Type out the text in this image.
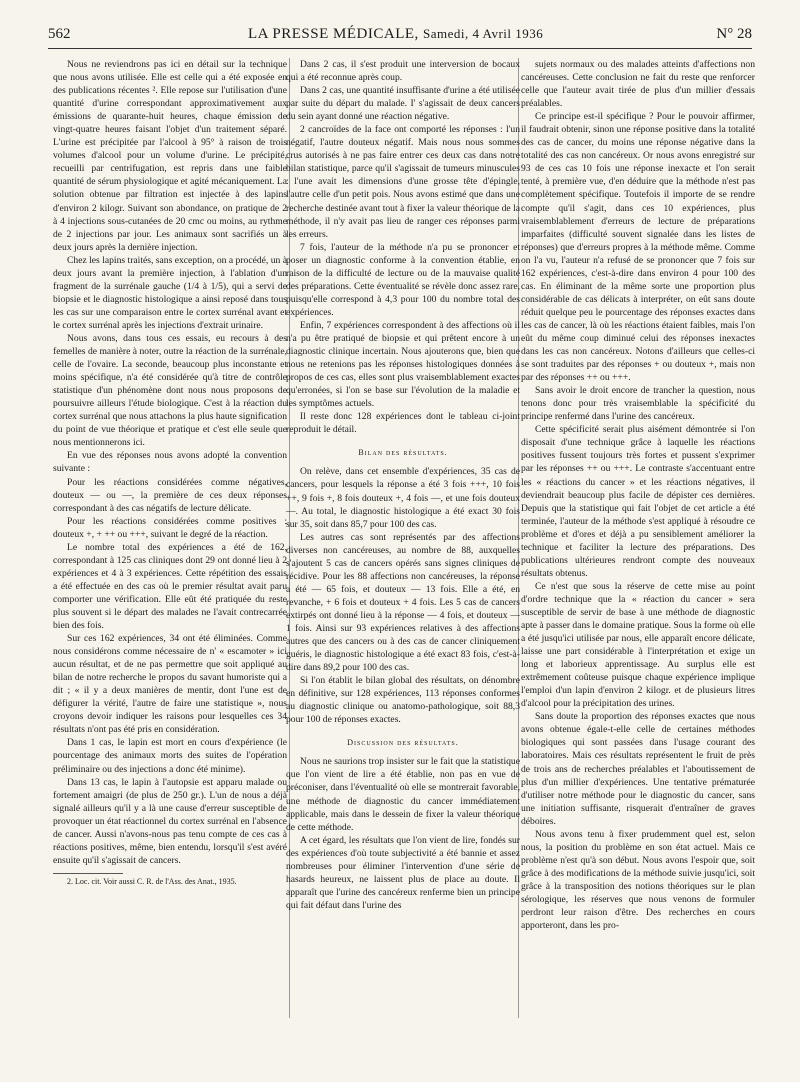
562	LA PRESSE MÉDICALE, Samedi, 4 Avril 1936	N° 28

Nous ne reviendrons pas ici en détail sur la technique que nous avons utilisée. Elle est celle qui a été exposée en des publications récentes ². Elle repose sur l'utilisation d'une quantité d'urine correspondant approximativement aux émissions de quarante-huit heures, chaque émission de vingt-quatre heures faisant l'objet d'un traitement séparé. L'urine est précipitée par l'alcool à 95° à raison de trois volumes d'alcool pour un volume d'urine. Le précipité, recueilli par centrifugation, est repris dans une faible quantité de sérum physiologique et agité mécaniquement. La solution obtenue par filtration est injectée à des lapins d'environ 2 kilogr. Suivant son abondance, on pratique de 2 à 4 injections sous-cutanées de 20 cmc ou moins, au rythme de 2 injections par jour. Les animaux sont sacrifiés un à deux jours après la dernière injection.

Chez les lapins traités, sans exception, on a procédé, un à deux jours avant la première injection, à l'ablation d'un fragment de la surrénale gauche (1/4 à 1/5), qui a servi de biopsie et le diagnostic histologique a ainsi reposé dans tous les cas sur une comparaison entre le cortex surrénal avant et le cortex surrénal après les injections d'extrait urinaire.

Nous avons, dans tous ces essais, eu recours à des femelles de manière à noter, outre la réaction de la surrénale, celle de l'ovaire. La seconde, beaucoup plus inconstante et moins spécifique, n'a été considérée qu'à titre de contrôle statistique d'un phénomène dont nous nous proposons de poursuivre ailleurs l'étude biologique. C'est à la réaction du cortex surrénal que nous attachons la plus haute signification du point de vue théorique et pratique et c'est elle seule que nous mentionnerons ici.

En vue des réponses nous avons adopté la convention suivante :

Pour les réactions considérées comme négatives, douteux — ou —, la première de ces deux réponses correspondant à des cas négatifs de lecture délicate.

Pour les réactions considérées comme positives : douteux +, + ++ ou +++, suivant le degré de la réaction.

Le nombre total des expériences a été de 162, correspondant à 125 cas cliniques dont 29 ont donné lieu à 2 expériences et 4 à 3 expériences. Cette répétition des essais a été effectuée en des cas où le premier résultat avait paru comporter une vérification. Elle eût été pratiquée du reste plus souvent si le départ des malades ne l'avait contrecarrée bien des fois.

Sur ces 162 expériences, 34 ont été éliminées. Comme nous considérons comme nécessaire de n' « escamoter » ici aucun résultat, et de ne pas permettre que soit appliqué au bilan de notre recherche le propos du savant humoriste qui a dit ; « il y a deux manières de mentir, dont l'une est de défigurer la vérité, l'autre de faire une statistique », nous croyons devoir indiquer les raisons pour lesquelles ces 34 résultats n'ont pas été pris en considération.

Dans 1 cas, le lapin est mort en cours d'expérience (le pourcentage des animaux morts des suites de l'opération préliminaire ou des injections a donc été minime).

Dans 13 cas, le lapin à l'autopsie est apparu malade ou fortement amaigri (de plus de 250 gr.). L'un de nous a déjà signalé ailleurs qu'il y a là une cause d'erreur susceptible de provoquer un état réactionnel du cortex surrénal en l'absence de cancer. Aussi n'avons-nous pas tenu compte de ces cas à réactions positives, même, bien entendu, lorsqu'il s'est avéré ensuite qu'il s'agissait de cancers.

2. Loc. cit. Voir aussi C. R. de l'Ass. des Anat., 1935.

Dans 2 cas, il s'est produit une interversion de bocaux qui a été reconnue après coup.

Dans 2 cas, une quantité insuffisante d'urine a été utilisée par suite du départ du malade. I' s'agissait de deux cancers du sein ayant donné une réaction négative.

2 cancroïdes de la face ont comporté les réponses : l'un négatif, l'autre douteux négatif. Mais nous nous sommes crus autorisés à ne pas faire entrer ces deux cas dans notre bilan statistique, parce qu'il s'agissait de tumeurs minuscules : l'une avait les dimensions d'une grosse tête d'épingle, l'autre celle d'un petit pois. Nous avons estimé que dans une recherche destinée avant tout à fixer la valeur théorique de la méthode, il n'y avait pas lieu de ranger ces réponses parmi les erreurs.

7 fois, l'auteur de la méthode n'a pu se prononcer et poser un diagnostic conforme à la convention établie, en raison de la difficulté de lecture ou de la mauvaise qualité des préparations. Cette éventualité se révèle donc assez rare, puisqu'elle correspond à 4,3 pour 100 du nombre total des expériences.

Enfin, 7 expériences correspondent à des affections où il n'a pu être pratiqué de biopsie et qui prêtent encore à un diagnostic clinique incertain. Nous ajouterons que, bien que nous ne retenions pas les réponses histologiques données à propos de ces cas, elles sont plus vraisemblablement exactes qu'erronées, si l'on se base sur l'évolution de la maladie et les symptômes actuels.

Il reste donc 128 expériences dont le tableau ci-joint reproduit le détail.

Bilan des résultats.

On relève, dans cet ensemble d'expériences, 35 cas de cancers, pour lesquels la réponse a été 3 fois +++, 10 fois ++, 9 fois +, 8 fois douteux +, 4 fois —, et une fois douteux —. Au total, le diagnostic histologique a été exact 30 fois sur 35, soit dans 85,7 pour 100 des cas.

Les autres cas sont représentés par des affections diverses non cancéreuses, au nombre de 88, auxquelles s'ajoutent 5 cas de cancers opérés sans signes cliniques de récidive. Pour les 88 affections non cancéreuses, la réponse a été — 65 fois, et douteux — 13 fois. Elle a été, en revanche, + 6 fois et douteux + 4 fois. Les 5 cas de cancers extirpés ont donné lieu à la réponse — 4 fois, et douteux — 1 fois. Ainsi sur 93 expériences relatives à des affections autres que des cancers ou à des cas de cancer cliniquement guéris, le diagnostic histologique a été exact 83 fois, c'est-à-dire dans 89,2 pour 100 des cas.

Si l'on établit le bilan global des résultats, on dénombre en définitive, sur 128 expériences, 113 réponses conformes au diagnostic clinique ou anatomo-pathologique, soit 88,3 pour 100 de réponses exactes.

Discussion des résultats.

Nous ne saurions trop insister sur le fait que la statistique que l'on vient de lire a été établie, non pas en vue de préconiser, dans l'éventualité où elle se montrerait favorable, une méthode de diagnostic du cancer immédiatement applicable, mais dans le dessein de fixer la valeur théorique de cette méthode.

A cet égard, les résultats que l'on vient de lire, fondés sur des expériences d'où toute subjectivité a été bannie et assez nombreuses pour éliminer l'intervention d'une série de hasards heureux, ne laissent plus de place au doute. Il apparaît que l'urine des cancéreux renferme bien un principe qui fait défaut dans l'urine des

sujets normaux ou des malades atteints d'affections non cancéreuses. Cette conclusion ne fait du reste que renforcer celle que l'auteur avait tirée de plus d'un millier d'essais préalables.

Ce principe est-il spécifique ? Pour le pouvoir affirmer, il faudrait obtenir, sinon une réponse positive dans la totalité des cas de cancer, du moins une réponse négative dans la totalité des cas non cancéreux. Or nous avons enregistré sur 93 de ces cas 10 fois une réponse inexacte et l'on serait tenté, à première vue, d'en déduire que la méthode n'est pas complètement spécifique. Toutefois il importe de se rendre compte qu'il s'agit, dans ces 10 expériences, plus vraisemblablement d'erreurs de lecture de préparations imparfaites (difficulté souvent signalée dans les listes de réponses) que d'erreurs propres à la méthode même. Comme on l'a vu, l'auteur n'a refusé de se prononcer que 7 fois sur 162 expériences, c'est-à-dire dans environ 4 pour 100 des cas. En éliminant de la même sorte une proportion plus considérable de cas délicats à interpréter, on eût sans doute réduit quelque peu le pourcentage des réponses exactes dans les cas de cancer, là où les réactions étaient faibles, mais l'on eût du même coup diminué celui des réponses inexactes dans les cas non cancéreux. Notons d'ailleurs que celles-ci se sont traduites par des réponses + ou douteux +, mais non par des réponses ++ ou +++.

Sans avoir le droit encore de trancher la question, nous tenons donc pour très vraisemblable la spécificité du principe renfermé dans l'urine des cancéreux.

Cette spécificité serait plus aisément démontrée si l'on disposait d'une technique grâce à laquelle les réactions positives fussent toujours très fortes et pussent s'exprimer par les réponses ++ ou +++. Le contraste s'accentuant entre les « réactions du cancer » et les réactions négatives, il deviendrait beaucoup plus facile de dépister ces dernières. Depuis que la statistique qui fait l'objet de cet article a été terminée, l'auteur de la méthode s'est appliqué à résoudre ce problème et d'ores et déjà a pu sensiblement améliorer la technique et faciliter la lecture des préparations. Des publications ultérieures rendront compte des nouveaux résultats obtenus.

Ce n'est que sous la réserve de cette mise au point d'ordre technique que la « réaction du cancer » sera susceptible de servir de base à une méthode de diagnostic apte à passer dans le domaine pratique. Sous la forme où elle a été jusqu'ici utilisée par nous, elle apparaît encore délicate, laisse une part considérable à l'interprétation et exige un long et laborieux apprentissage. Au surplus elle est extrêmement coûteuse puisque chaque expérience implique l'emploi d'un lapin d'environ 2 kilogr. et de plusieurs litres d'alcool pour la précipitation des urines.

Sans doute la proportion des réponses exactes que nous avons obtenue égale-t-elle celle de certaines méthodes biologiques qui sont passées dans l'usage courant des laboratoires. Mais ces résultats représentent le fruit de près de trois ans de recherches préalables et l'aboutissement de plus d'un millier d'expériences. Une tentative prématurée d'utiliser notre méthode pour le diagnostic du cancer, sans une initiation suffisante, risquerait d'entraîner de graves déboires.

Nous avons tenu à fixer prudemment quel est, selon nous, la position du problème en son état actuel. Mais ce problème n'est qu'à son début. Nous avons l'espoir que, soit grâce à des modifications de la méthode suivie jusqu'ici, soit grâce à la transposition des notions théoriques sur le plan sérologique, les réserves que nous venons de formuler perdront leur raison d'être. Des recherches en cours apporteront, dans les pro-
